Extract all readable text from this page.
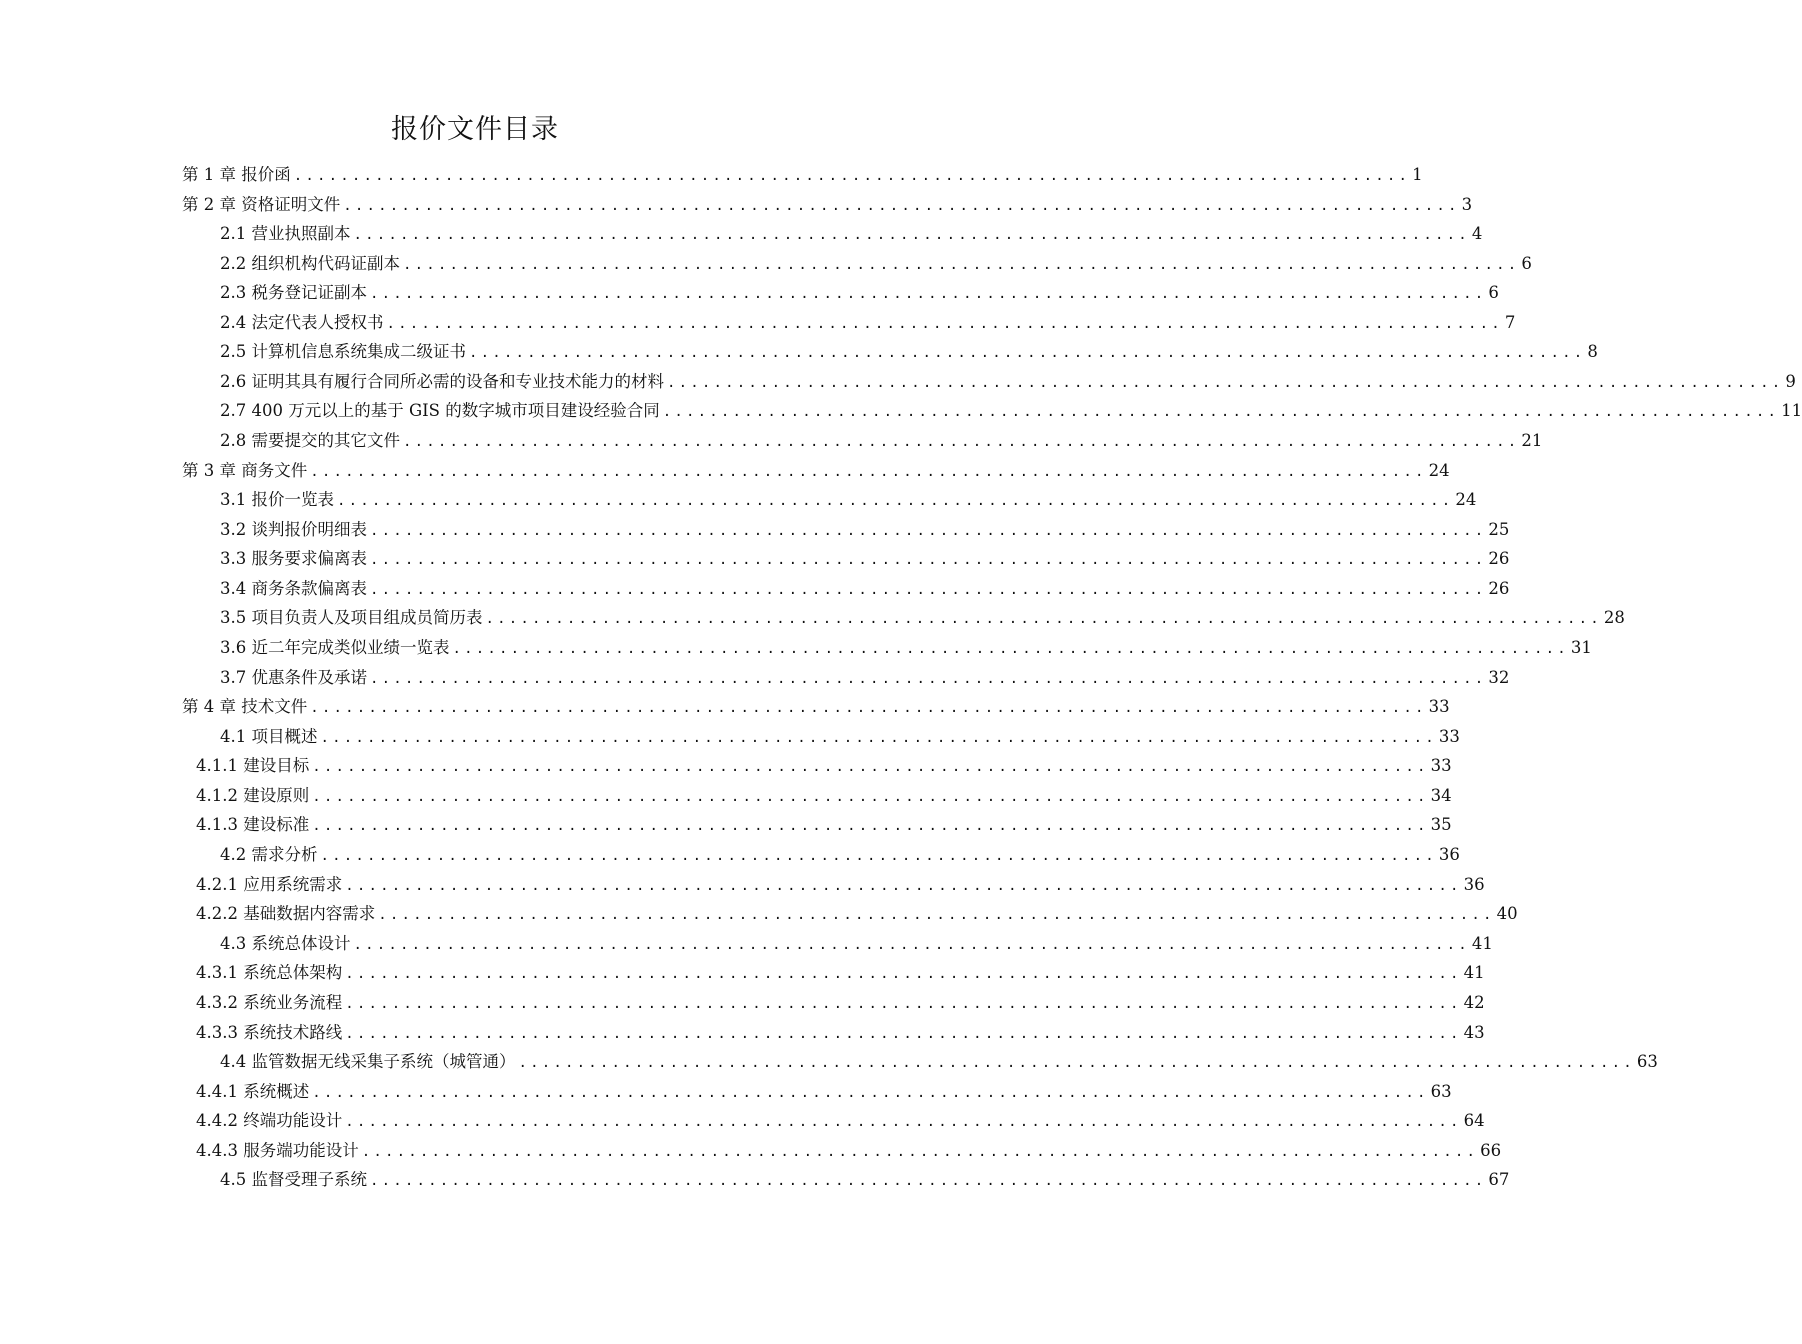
报价文件目录
第 1 章 报价函 ................................................................................................ 1
第 2 章 资格证明文件 ................................................................................................ 3
2.1 营业执照副本 ................................................................................................ 4
2.2 组织机构代码证副本 ................................................................................................ 6
2.3 税务登记证副本 ................................................................................................ 6
2.4 法定代表人授权书 ................................................................................................ 7
2.5 计算机信息系统集成二级证书 ................................................................................................ 8
2.6 证明其具有履行合同所必需的设备和专业技术能力的材料 ................................................................................................ 9
2.7 400 万元以上的基于 GIS 的数字城市项目建设经验合同 ................................................................................................ 11
2.8 需要提交的其它文件 ................................................................................................ 21
第 3 章 商务文件 ................................................................................................ 24
3.1 报价一览表 ................................................................................................ 24
3.2 谈判报价明细表 ................................................................................................ 25
3.3 服务要求偏离表 ................................................................................................ 26
3.4 商务条款偏离表 ................................................................................................ 26
3.5 项目负责人及项目组成员简历表 ................................................................................................ 28
3.6 近二年完成类似业绩一览表 ................................................................................................ 31
3.7 优惠条件及承诺 ................................................................................................ 32
第 4 章 技术文件 ................................................................................................ 33
4.1 项目概述 ................................................................................................ 33
4.1.1 建设目标 ................................................................................................ 33
4.1.2 建设原则 ................................................................................................ 34
4.1.3 建设标准 ................................................................................................ 35
4.2 需求分析 ................................................................................................ 36
4.2.1 应用系统需求 ................................................................................................ 36
4.2.2 基础数据内容需求 ................................................................................................ 40
4.3 系统总体设计 ................................................................................................ 41
4.3.1 系统总体架构 ................................................................................................ 41
4.3.2 系统业务流程 ................................................................................................ 42
4.3.3 系统技术路线 ................................................................................................ 43
4.4 监管数据无线采集子系统（城管通） ................................................................................................ 63
4.4.1 系统概述 ................................................................................................ 63
4.4.2 终端功能设计 ................................................................................................ 64
4.4.3 服务端功能设计 ................................................................................................ 66
4.5 监督受理子系统 ................................................................................................ 67
